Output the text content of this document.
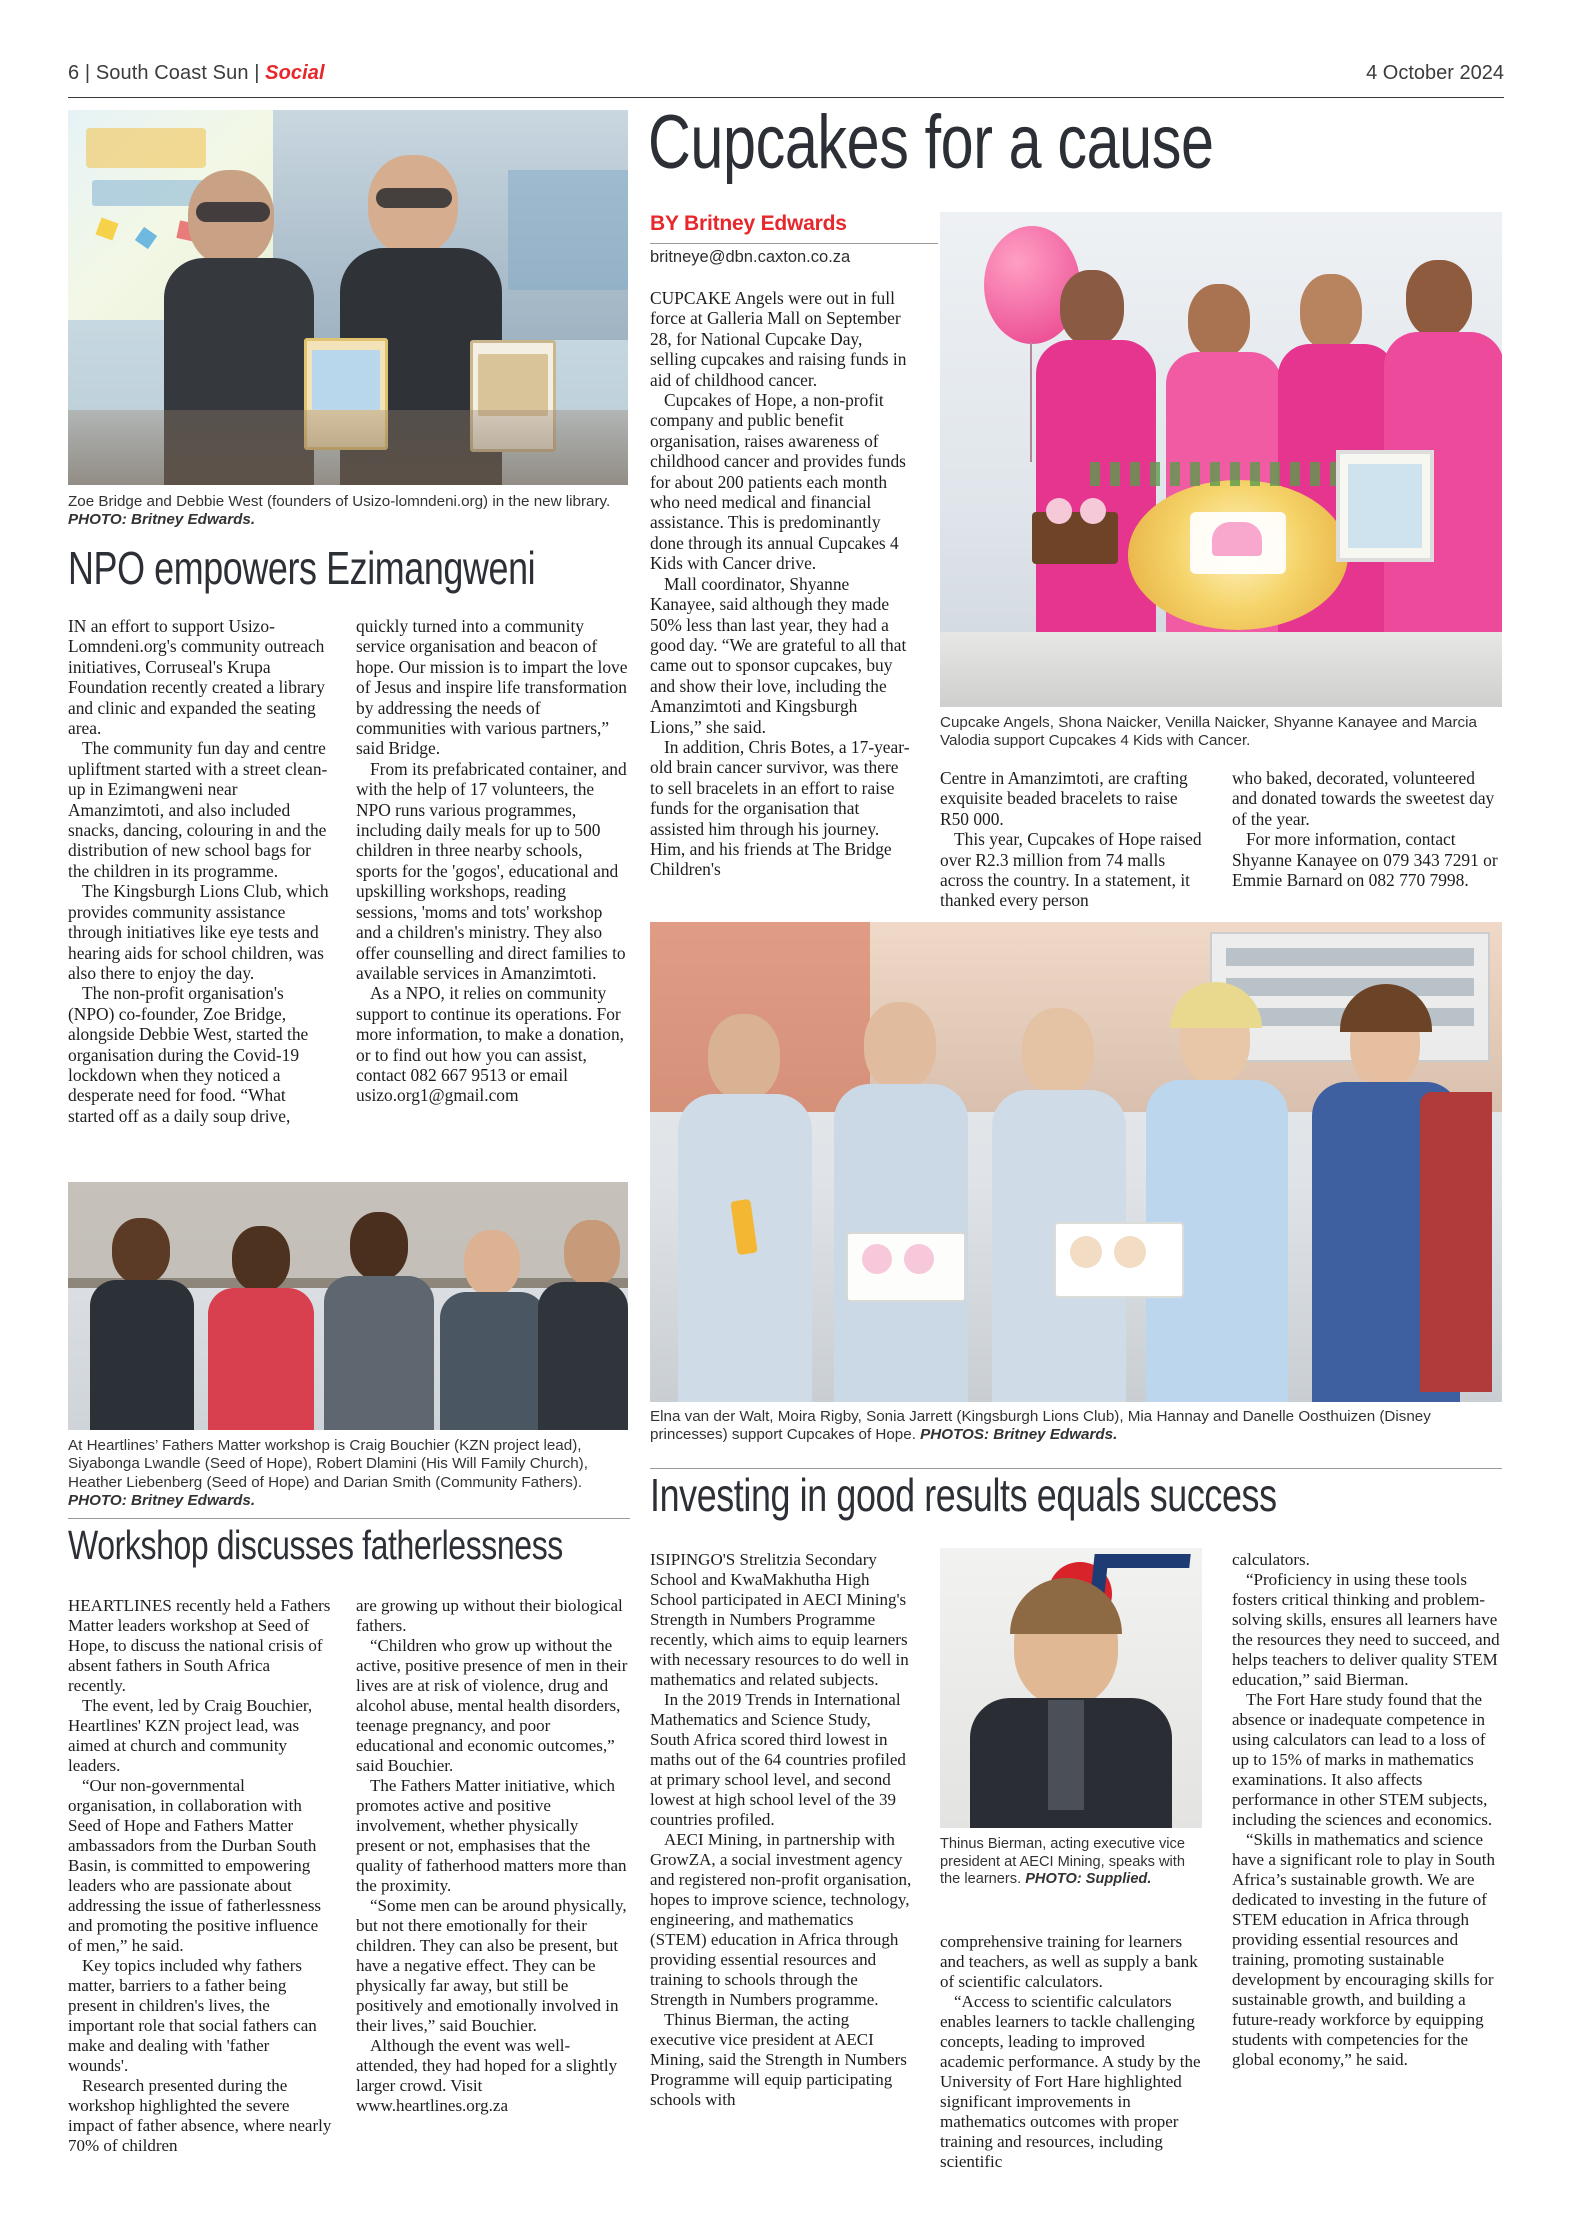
6 | South Coast Sun | Social	4 October 2024
Zoe Bridge and Debbie West (founders of Usizo-lomndeni.org) in the new library. PHOTO: Britney Edwards.
NPO empowers Ezimangweni

IN an effort to support Usizo-Lomndeni.org's community outreach initiatives, Corruseal's Krupa Foundation recently created a library and clinic and expanded the seating area.

The community fun day and centre upliftment started with a street clean-up in Ezimangweni near Amanzimtoti, and also included snacks, dancing, colouring in and the distribution of new school bags for the children in its programme.

The Kingsburgh Lions Club, which provides community assistance through initiatives like eye tests and hearing aids for school children, was also there to enjoy the day.

The non-profit organisation's (NPO) co-founder, Zoe Bridge, alongside Debbie West, started the organisation during the Covid-19 lockdown when they noticed a desperate need for food. “What started off as a daily soup drive,

quickly turned into a community service organisation and beacon of hope. Our mission is to impart the love of Jesus and inspire life transformation by addressing the needs of communities with various partners,” said Bridge.

From its prefabricated container, and with the help of 17 volunteers, the NPO runs various programmes, including daily meals for up to 500 children in three nearby schools, sports for the 'gogos', educational and upskilling workshops, reading sessions, 'moms and tots' workshop and a children's ministry. They also offer counselling and direct families to available services in Amanzimtoti.

As a NPO, it relies on community support to continue its operations. For more information, to make a donation, or to find out how you can assist, contact 082 667 9513 or email usizo.org1@gmail.com

Cupcakes for a cause
BY Britney Edwards
britneye@dbn.caxton.co.za

CUPCAKE Angels were out in full force at Galleria Mall on September 28, for National Cupcake Day, selling cupcakes and raising funds in aid of childhood cancer.

Cupcakes of Hope, a non-profit company and public benefit organisation, raises awareness of childhood cancer and provides funds for about 200 patients each month who need medical and financial assistance. This is predominantly done through its annual Cupcakes 4 Kids with Cancer drive.

Mall coordinator, Shyanne Kanayee, said although they made 50% less than last year, they had a good day. “We are grateful to all that came out to sponsor cupcakes, buy and show their love, including the Amanzimtoti and Kingsburgh Lions,” she said.

In addition, Chris Botes, a 17-year-old brain cancer survivor, was there to sell bracelets in an effort to raise funds for the organisation that assisted him through his journey. Him, and his friends at The Bridge Children's

Cupcake Angels, Shona Naicker, Venilla Naicker, Shyanne Kanayee and Marcia Valodia support Cupcakes 4 Kids with Cancer.

Centre in Amanzimtoti, are crafting exquisite beaded bracelets to raise R50 000.

This year, Cupcakes of Hope raised over R2.3 million from 74 malls across the country. In a statement, it thanked every person

who baked, decorated, volunteered and donated towards the sweetest day of the year.

For more information, contact Shyanne Kanayee on 079 343 7291 or Emmie Barnard on 082 770 7998.

Elna van der Walt, Moira Rigby, Sonia Jarrett (Kingsburgh Lions Club), Mia Hannay and Danelle Oosthuizen (Disney princesses) support Cupcakes of Hope. PHOTOS: Britney Edwards.
At Heartlines’ Fathers Matter workshop is Craig Bouchier (KZN project lead), Siyabonga Lwandle (Seed of Hope), Robert Dlamini (His Will Family Church), Heather Liebenberg (Seed of Hope) and Darian Smith (Community Fathers). PHOTO: Britney Edwards.
Workshop discusses fatherlessness

HEARTLINES recently held a Fathers Matter leaders workshop at Seed of Hope, to discuss the national crisis of absent fathers in South Africa recently.

The event, led by Craig Bouchier, Heartlines' KZN project lead, was aimed at church and community leaders.

“Our non-governmental organisation, in collaboration with Seed of Hope and Fathers Matter ambassadors from the Durban South Basin, is committed to empowering leaders who are passionate about addressing the issue of fatherlessness and promoting the positive influence of men,” he said.

Key topics included why fathers matter, barriers to a father being present in children's lives, the important role that social fathers can make and dealing with 'father wounds'.

Research presented during the workshop highlighted the severe impact of father absence, where nearly 70% of children

are growing up without their biological fathers.

“Children who grow up without the active, positive presence of men in their lives are at risk of violence, drug and alcohol abuse, mental health disorders, teenage pregnancy, and poor educational and economic outcomes,” said Bouchier.

The Fathers Matter initiative, which promotes active and positive involvement, whether physically present or not, emphasises that the quality of fatherhood matters more than the proximity.

“Some men can be around physically, but not there emotionally for their children. They can also be present, but have a negative effect. They can be physically far away, but still be positively and emotionally involved in their lives,” said Bouchier.

Although the event was well-attended, they had hoped for a slightly larger crowd. Visit www.heartlines.org.za

Investing in good results equals success

ISIPINGO'S Strelitzia Secondary School and KwaMakhutha High School participated in AECI Mining's Strength in Numbers Programme recently, which aims to equip learners with necessary resources to do well in mathematics and related subjects.

In the 2019 Trends in International Mathematics and Science Study, South Africa scored third lowest in maths out of the 64 countries profiled at primary school level, and second lowest at high school level of the 39 countries profiled.

AECI Mining, in partnership with GrowZA, a social investment agency and registered non-profit organisation, hopes to improve science, technology, engineering, and mathematics (STEM) education in Africa through providing essential resources and training to schools through the Strength in Numbers programme.

Thinus Bierman, the acting executive vice president at AECI Mining, said the Strength in Numbers Programme will equip participating schools with

Thinus Bierman, acting executive vice president at AECI Mining, speaks with the learners. PHOTO: Supplied.

comprehensive training for learners and teachers, as well as supply a bank of scientific calculators.

“Access to scientific calculators enables learners to tackle challenging concepts, leading to improved academic performance. A study by the University of Fort Hare highlighted significant improvements in mathematics outcomes with proper training and resources, including scientific

calculators.

“Proficiency in using these tools fosters critical thinking and problem-solving skills, ensures all learners have the resources they need to succeed, and helps teachers to deliver quality STEM education,” said Bierman.

The Fort Hare study found that the absence or inadequate competence in using calculators can lead to a loss of up to 15% of marks in mathematics examinations. It also affects performance in other STEM subjects, including the sciences and economics.

“Skills in mathematics and science have a significant role to play in South Africa’s sustainable growth. We are dedicated to investing in the future of STEM education in Africa through providing essential resources and training, promoting sustainable development by encouraging skills for sustainable growth, and building a future-ready workforce by equipping students with competencies for the global economy,” he said.
